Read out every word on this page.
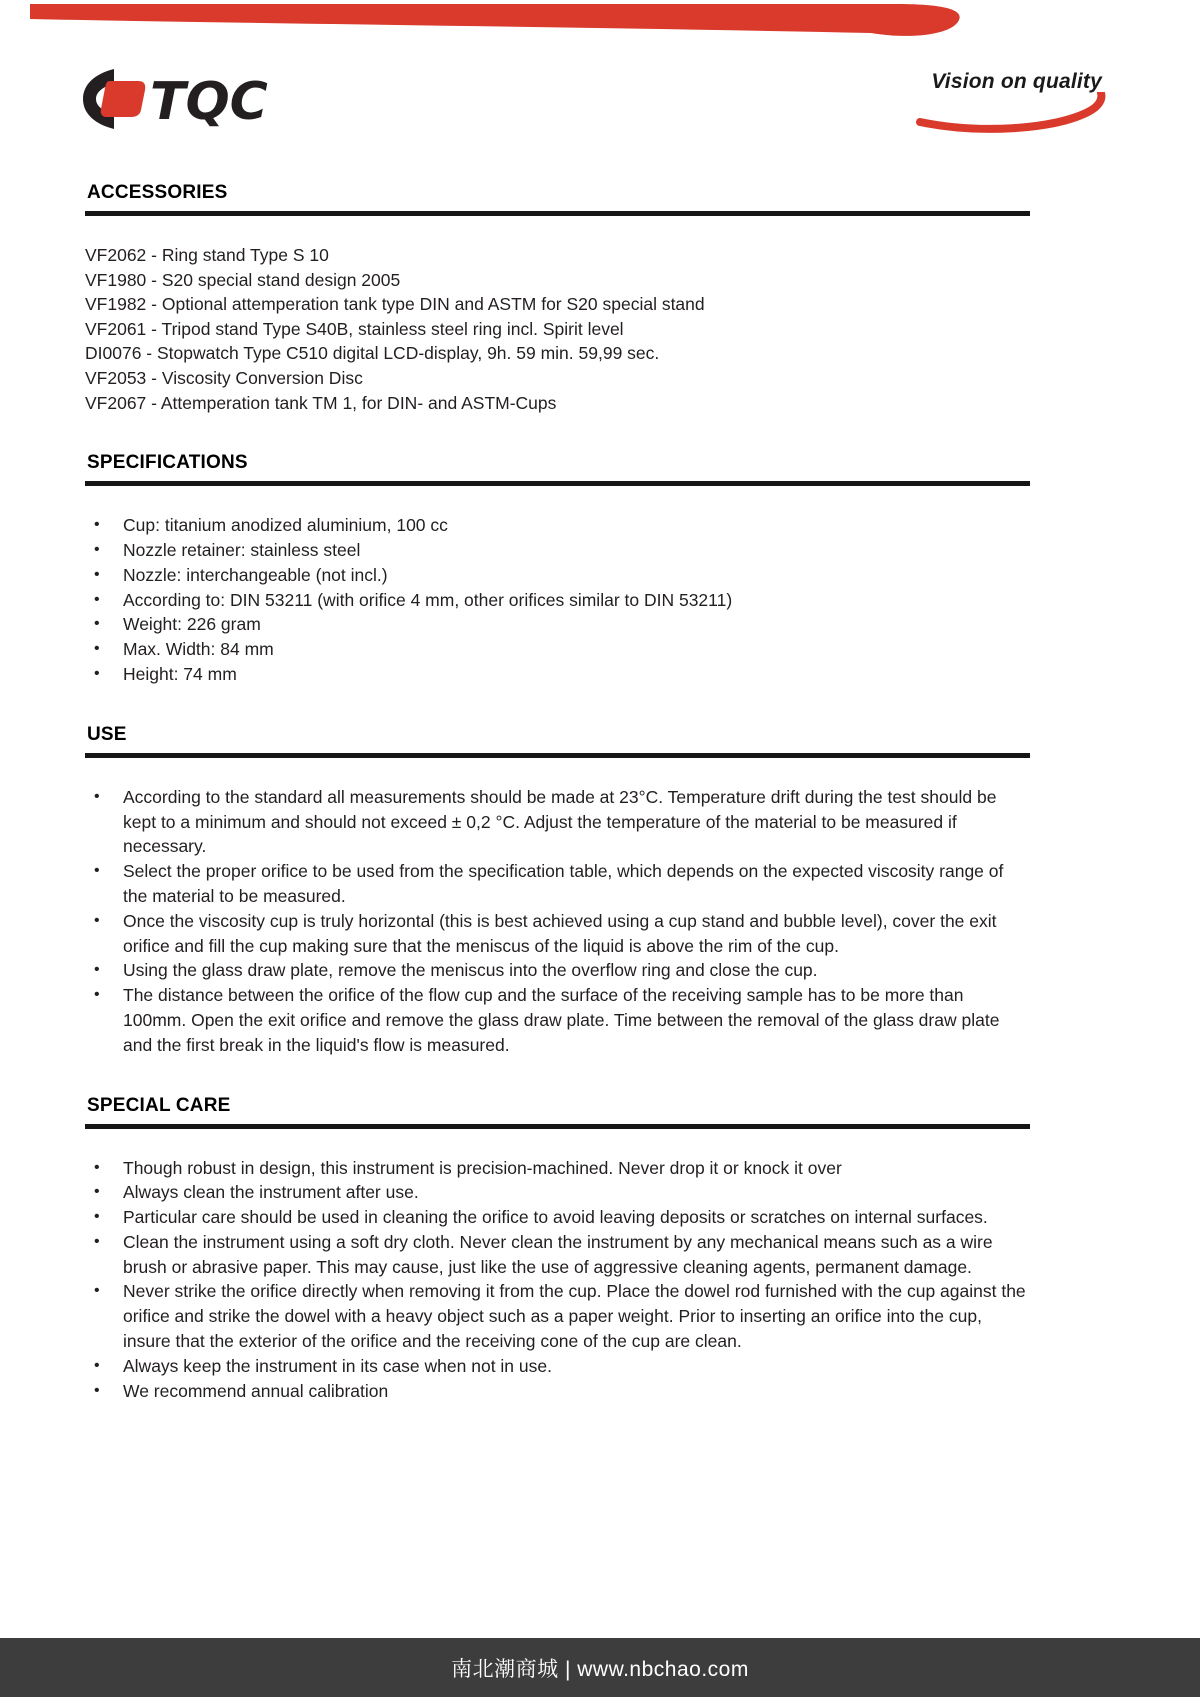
TQC	Vision on quality
ACCESSORIES

VF2062 - Ring stand Type S 10

VF1980 - S20 special stand design 2005

VF1982 - Optional attemperation tank type DIN and ASTM for S20 special stand

VF2061 - Tripod stand Type S40B, stainless steel ring incl. Spirit level

DI0076 - Stopwatch Type C510 digital LCD-display, 9h. 59 min. 59,99 sec.

VF2053 - Viscosity Conversion Disc

VF2067 - Attemperation tank TM 1, for DIN- and ASTM-Cups

SPECIFICATIONS
• Cup: titanium anodized aluminium, 100 cc
• Nozzle retainer: stainless steel
• Nozzle: interchangeable (not incl.)
• According to: DIN 53211 (with orifice 4 mm, other orifices similar to DIN 53211)
• Weight: 226 gram
• Max. Width: 84 mm
• Height: 74 mm
USE
• According to the standard all measurements should be made at 23°C. Temperature drift during the test should be kept to a minimum and should not exceed ± 0,2 °C. Adjust the temperature of the material to be measured if necessary.
• Select the proper orifice to be used from the specification table, which depends on the expected viscosity range of the material to be measured.
• Once the viscosity cup is truly horizontal (this is best achieved using a cup stand and bubble level), cover the exit orifice and fill the cup making sure that the meniscus of the liquid is above the rim of the cup.
• Using the glass draw plate, remove the meniscus into the overflow ring and close the cup.
• The distance between the orifice of the flow cup and the surface of the receiving sample has to be more than 100mm. Open the exit orifice and remove the glass draw plate. Time between the removal of the glass draw plate and the first break in the liquid's flow is measured.
SPECIAL CARE
• Though robust in design, this instrument is precision-machined. Never drop it or knock it over
• Always clean the instrument after use.
• Particular care should be used in cleaning the orifice to avoid leaving deposits or scratches on internal surfaces.
• Clean the instrument using a soft dry cloth. Never clean the instrument by any mechanical means such as a wire brush or abrasive paper. This may cause, just like the use of aggressive cleaning agents, permanent damage.
• Never strike the orifice directly when removing it from the cup. Place the dowel rod furnished with the cup against the orifice and strike the dowel with a heavy object such as a paper weight. Prior to inserting an orifice into the cup, insure that the exterior of the orifice and the receiving cone of the cup are clean.
• Always keep the instrument in its case when not in use.
• We recommend annual calibration
南北潮商城 | www.nbchao.com
